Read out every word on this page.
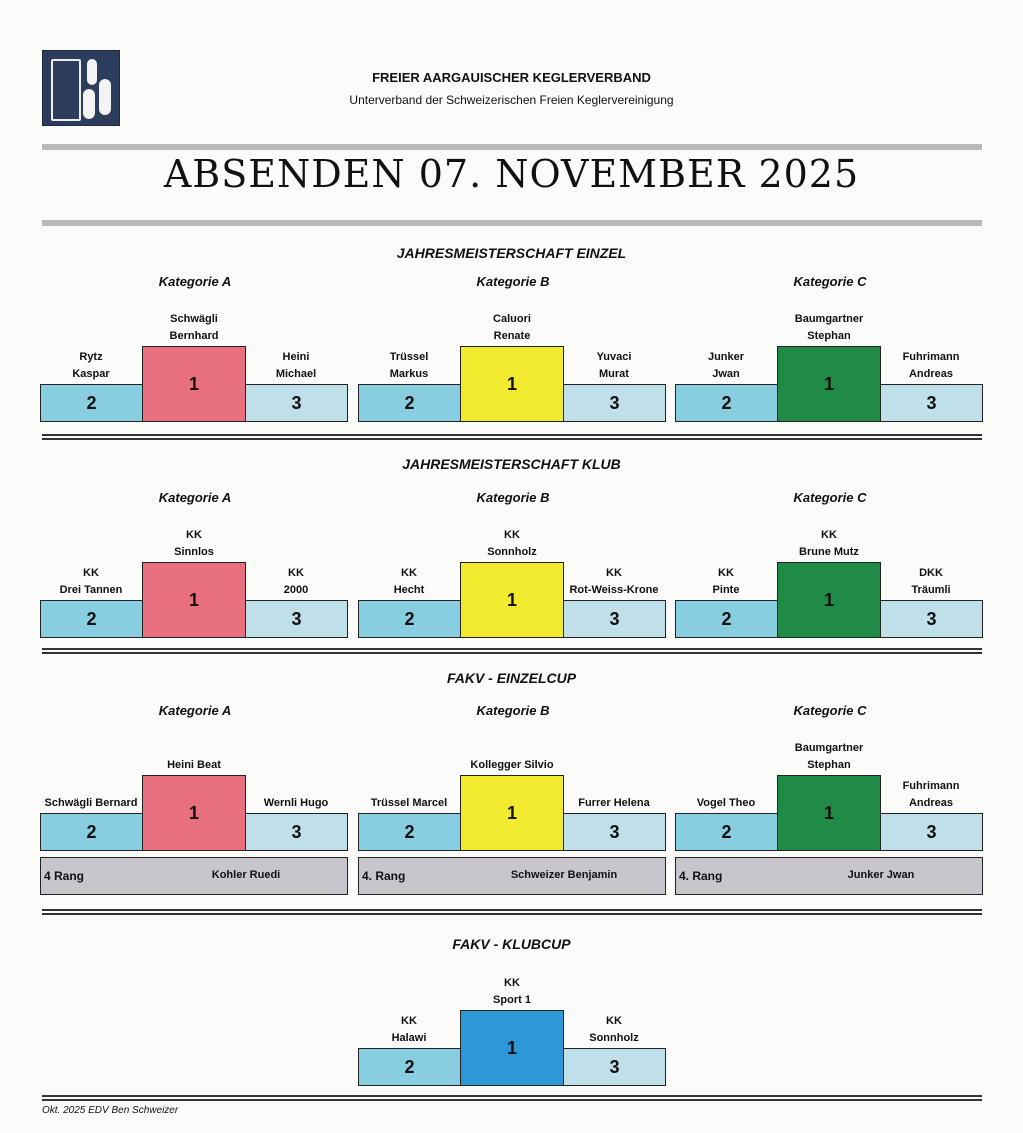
FREIER AARGAUISCHER KEGLERVERBAND
Unterverband der Schweizerischen Freien Keglervereinigung
ABSENDEN 07. NOVEMBER 2025
JAHRESMEISTERSCHAFT EINZEL
JAHRESMEISTERSCHAFT KLUB
FAKV - EINZELCUP
FAKV - KLUBCUP
Kategorie A
2
1
3
Schwägli
Bernhard
Rytz
Kaspar
Heini
Michael
Kategorie B
2
1
3
Caluori
Renate
Trüssel
Markus
Yuvaci
Murat
Kategorie C
2
1
3
Baumgartner
Stephan
Junker
Jwan
Fuhrimann
Andreas
Kategorie A
2
1
3
KK
Sinnlos
KK
Drei Tannen
KK
2000
Kategorie B
2
1
3
KK
Sonnholz
KK
Hecht
KK
Rot-Weiss-Krone
Kategorie C
2
1
3
KK
Brune Mutz
KK
Pinte
DKK
Träumli
Kategorie A
2
1
3
Heini Beat
Schwägli Bernard	Wernli Hugo
4 Rang	Kohler Ruedi
Kategorie B
2
1
3
Kollegger Silvio
Trüssel Marcel	Furrer Helena
4. Rang	Schweizer Benjamin
Kategorie C
2
1
3
Baumgartner
Stephan
Vogel Theo
Fuhrimann
Andreas
4. Rang	Junker Jwan
2
1
3
KK
Sport 1
KK
Halawi
KK
Sonnholz
Okt. 2025 EDV Ben Schweizer
